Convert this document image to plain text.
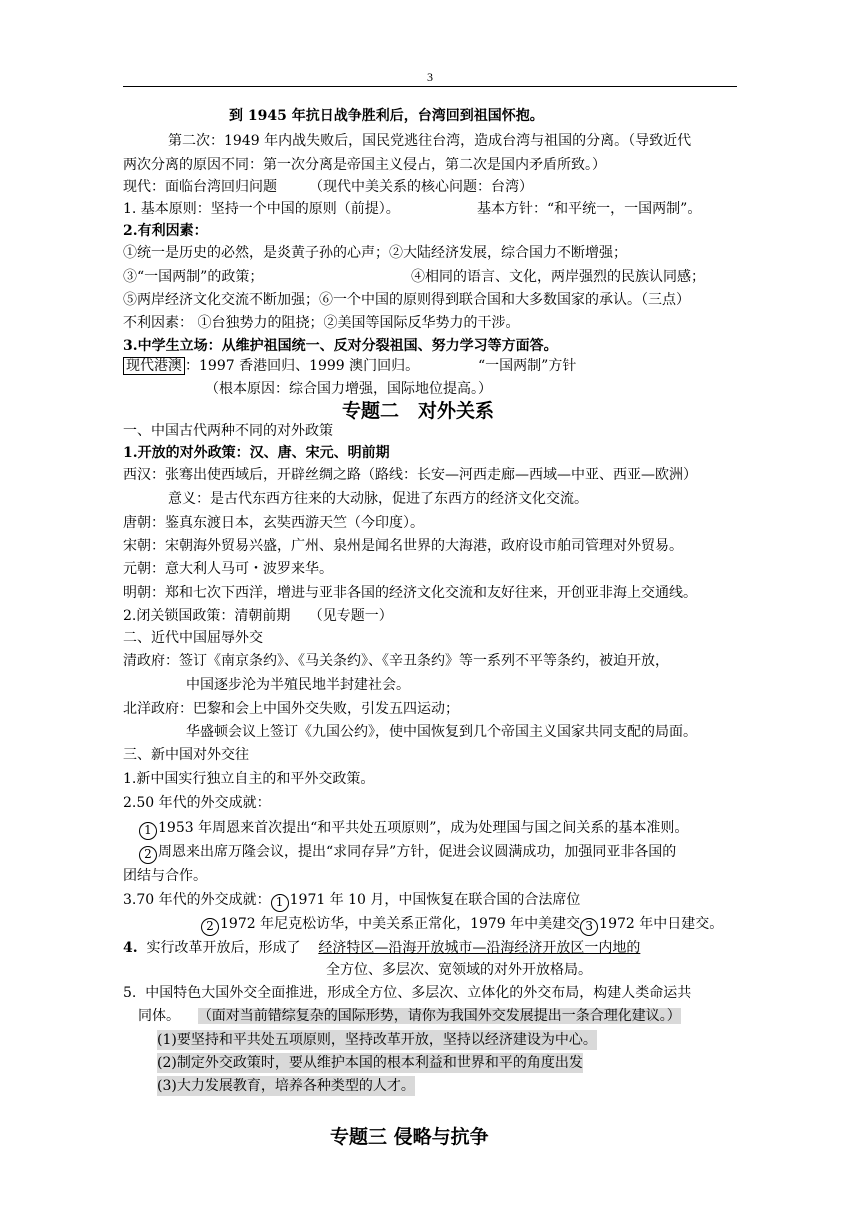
3
到 1945 年抗日战争胜利后，台湾回到祖国怀抱。
第二次：1949 年内战失败后，国民党逃往台湾，造成台湾与祖国的分离。（导致近代
两次分离的原因不同：第一次分离是帝国主义侵占，第二次是国内矛盾所致。）
现代：面临台湾回归问题 （现代中美关系的核心问题：台湾）
1. 基本原则：坚持一个中国的原则（前提）。	基本方针：“和平统一，一国两制”。
2.有利因素：
①统一是历史的必然，是炎黄子孙的心声；②大陆经济发展，综合国力不断增强；
③“一国两制”的政策；	④相同的语言、文化，两岸强烈的民族认同感；
⑤两岸经济文化交流不断加强；⑥一个中国的原则得到联合国和大多数国家的承认。（三点）
不利因素： ①台独势力的阻挠；②美国等国际反华势力的干涉。
3.中学生立场：从维护祖国统一、反对分裂祖国、努力学习等方面答。
现代港澳 ：1997 香港回归、1999 澳门回归。	“一国两制”方针
（根本原因：综合国力增强，国际地位提高。）
专题二　对外关系
一、中国古代两种不同的对外政策
1.开放的对外政策：汉、唐、宋元、明前期
西汉：张骞出使西域后，开辟丝绸之路（路线：长安—河西走廊—西域—中亚、西亚—欧洲）
意义：是古代东西方往来的大动脉，促进了东西方的经济文化交流。
唐朝：鉴真东渡日本，玄奘西游天竺（今印度）。
宋朝：宋朝海外贸易兴盛，广州、泉州是闻名世界的大海港，政府设市舶司管理对外贸易。
元朝：意大利人马可・波罗来华。
明朝：郑和七次下西洋，增进与亚非各国的经济文化交流和友好往来，开创亚非海上交通线。
2.闭关锁国政策：清朝前期　 （见专题一）
二、近代中国屈辱外交
清政府：签订《南京条约》、《马关条约》、《辛丑条约》等一系列不平等条约，被迫开放，
中国逐步沦为半殖民地半封建社会。
北洋政府：巴黎和会上中国外交失败，引发五四运动；
华盛顿会议上签订《九国公约》，使中国恢复到几个帝国主义国家共同支配的局面。
三、新中国对外交往
1.新中国实行独立自主的和平外交政策。
2.50 年代的外交成就：
1 1953 年周恩来首次提出“和平共处五项原则”，成为处理国与国之间关系的基本准则。
2 周恩来出席万隆会议，提出“求同存异”方针，促进会议圆满成功，加强同亚非各国的
团结与合作。
3.70 年代的外交成就： 1 1971 年 10 月，中国恢复在联合国的合法席位
2 1972 年尼克松访华，中美关系正常化，1979 年中美建交 3 1972 年中日建交。
4. 实行改革开放后，形成了 经济特区—沿海开放城市—沿海经济开放区一内地的
全方位、多层次、宽领域的对外开放格局。
5. 中国特色大国外交全面推进，形成全方位、多层次、立体化的外交布局，构建人类命运共
同体。 （面对当前错综复杂的国际形势，请你为我国外交发展提出一条合理化建议。）
(1)要坚持和平共处五项原则，坚持改革开放，坚持以经济建设为中心。
(2)制定外交政策时，要从维护本国的根本利益和世界和平的角度出发
(3)大力发展教育，培养各种类型的人才。
专题三 侵略与抗争
